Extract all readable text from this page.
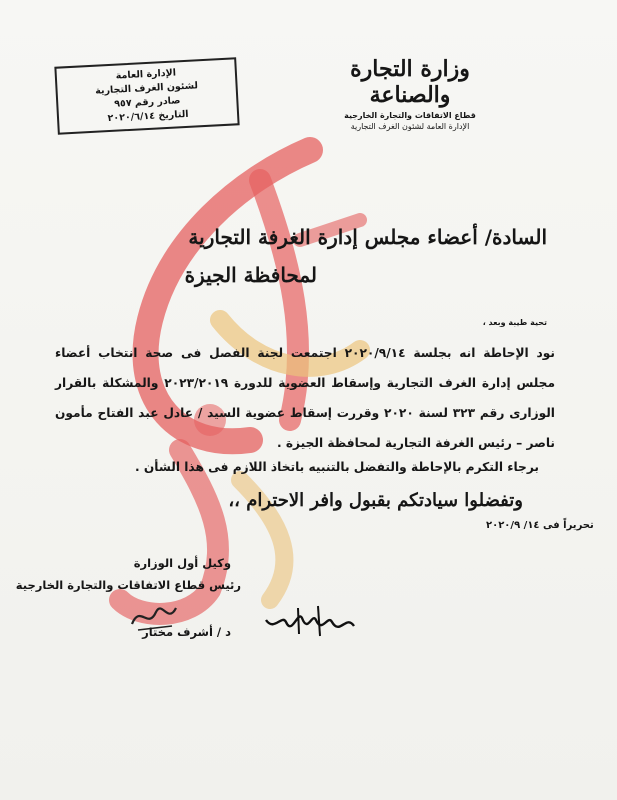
وزارة التجارة والصناعة
قطاع الاتفاقات والتجارة الخارجية
الإدارة العامة لشئون الغرف التجارية
الإدارة العامة
لشئون الغرف التجارية
صادر رقم ٩٥٧
التاريخ ٢٠٢٠/٦/١٤
السادة/ أعضاء مجلس إدارة الغرفة التجارية
لمحافظة الجيزة
تحية طيبة وبعد ،
نود الإحاطة انه بجلسة ٢٠٢٠/٩/١٤ اجتمعت لجنة الفصل فى صحة انتخاب أعضاء
مجلس إدارة الغرف التجارية وإسقاط العضوية للدورة ٢٠٢٣/٢٠١٩ والمشكلة بالقرار
الوزارى رقم ٣٢٣ لسنة ٢٠٢٠ وقررت إسقاط عضوية السيد / عادل عبد الفتاح مأمون
ناصر – رئيس الغرفة التجارية لمحافظة الجيزة .
برجاء التكرم بالإحاطة والتفضل بالتنبيه باتخاذ اللازم فى هذا الشأن .
وتفضلوا سيادتكم بقبول وافر الاحترام ،،
تحريراً فى ١٤/ ٢٠٢٠/٩
وكيل أول الوزارة
رئيس قطاع الاتفاقات والتجارة الخارجية
د / أشرف مختار
